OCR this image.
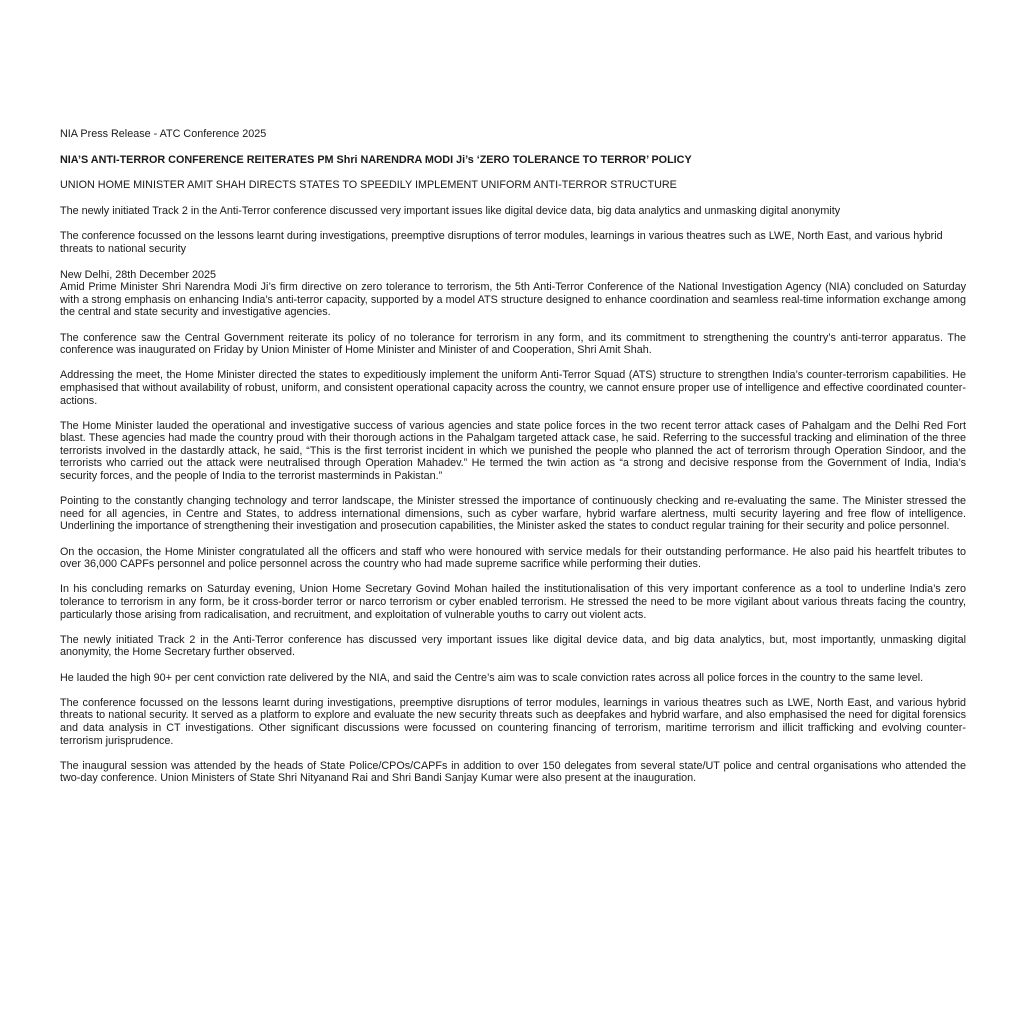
NIA Press Release - ATC Conference 2025

NIA’S ANTI-TERROR CONFERENCE REITERATES PM Shri NARENDRA MODI Ji’s ‘ZERO TOLERANCE TO TERROR’ POLICY

UNION HOME MINISTER AMIT SHAH DIRECTS STATES TO SPEEDILY IMPLEMENT UNIFORM ANTI-TERROR STRUCTURE

The newly initiated Track 2 in the Anti-Terror conference discussed very important issues like digital device data, big data analytics and unmasking digital anonymity

The conference focussed on the lessons learnt during investigations, preemptive disruptions of terror modules, learnings in various theatres such as LWE, North East, and various hybrid threats to national security

New Delhi, 28th December 2025

Amid Prime Minister Shri Narendra Modi Ji’s firm directive on zero tolerance to terrorism, the 5th Anti-Terror Conference of the National Investigation Agency (NIA) concluded on Saturday with a strong emphasis on enhancing India’s anti-terror capacity, supported by a model ATS structure designed to enhance coordination and seamless real-time information exchange among the central and state security and investigative agencies.

The conference saw the Central Government reiterate its policy of no tolerance for terrorism in any form, and its commitment to strengthening the country’s anti-terror apparatus. The conference was inaugurated on Friday by Union Minister of Home Minister and Minister of and Cooperation, Shri Amit Shah.

Addressing the meet, the Home Minister directed the states to expeditiously implement the uniform Anti-Terror Squad (ATS) structure to strengthen India’s counter-terrorism capabilities. He emphasised that without availability of robust, uniform, and consistent operational capacity across the country, we cannot ensure proper use of intelligence and effective coordinated counter-actions.

The Home Minister lauded the operational and investigative success of various agencies and state police forces in the two recent terror attack cases of Pahalgam and the Delhi Red Fort blast. These agencies had made the country proud with their thorough actions in the Pahalgam targeted attack case, he said. Referring to the successful tracking and elimination of the three terrorists involved in the dastardly attack, he said, “This is the first terrorist incident in which we punished the people who planned the act of terrorism through Operation Sindoor, and the terrorists who carried out the attack were neutralised through Operation Mahadev.” He termed the twin action as “a strong and decisive response from the Government of India, India’s security forces, and the people of India to the terrorist masterminds in Pakistan.”

Pointing to the constantly changing technology and terror landscape, the Minister stressed the importance of continuously checking and re-evaluating the same. The Minister stressed the need for all agencies, in Centre and States, to address international dimensions, such as cyber warfare, hybrid warfare alertness, multi security layering and free flow of intelligence. Underlining the importance of strengthening their investigation and prosecution capabilities, the Minister asked the states to conduct regular training for their security and police personnel.

On the occasion, the Home Minister congratulated all the officers and staff who were honoured with service medals for their outstanding performance. He also paid his heartfelt tributes to over 36,000 CAPFs personnel and police personnel across the country who had made supreme sacrifice while performing their duties.

In his concluding remarks on Saturday evening, Union Home Secretary Govind Mohan hailed the institutionalisation of this very important conference as a tool to underline India’s zero tolerance to terrorism in any form, be it cross-border terror or narco terrorism or cyber enabled terrorism. He stressed the need to be more vigilant about various threats facing the country, particularly those arising from radicalisation, and recruitment, and exploitation of vulnerable youths to carry out violent acts.

The newly initiated Track 2 in the Anti-Terror conference has discussed very important issues like digital device data, and big data analytics, but, most importantly, unmasking digital anonymity, the Home Secretary further observed.

He lauded the high 90+ per cent conviction rate delivered by the NIA, and said the Centre’s aim was to scale conviction rates across all police forces in the country to the same level.

The conference focussed on the lessons learnt during investigations, preemptive disruptions of terror modules, learnings in various theatres such as LWE, North East, and various hybrid threats to national security. It served as a platform to explore and evaluate the new security threats such as deepfakes and hybrid warfare, and also emphasised the need for digital forensics and data analysis in CT investigations. Other significant discussions were focussed on countering financing of terrorism, maritime terrorism and illicit trafficking and evolving counter- terrorism jurisprudence.

The inaugural session was attended by the heads of State Police/CPOs/CAPFs in addition to over 150 delegates from several state/UT police and central organisations who attended the two-day conference. Union Ministers of State Shri Nityanand Rai and Shri Bandi Sanjay Kumar were also present at the inauguration.
